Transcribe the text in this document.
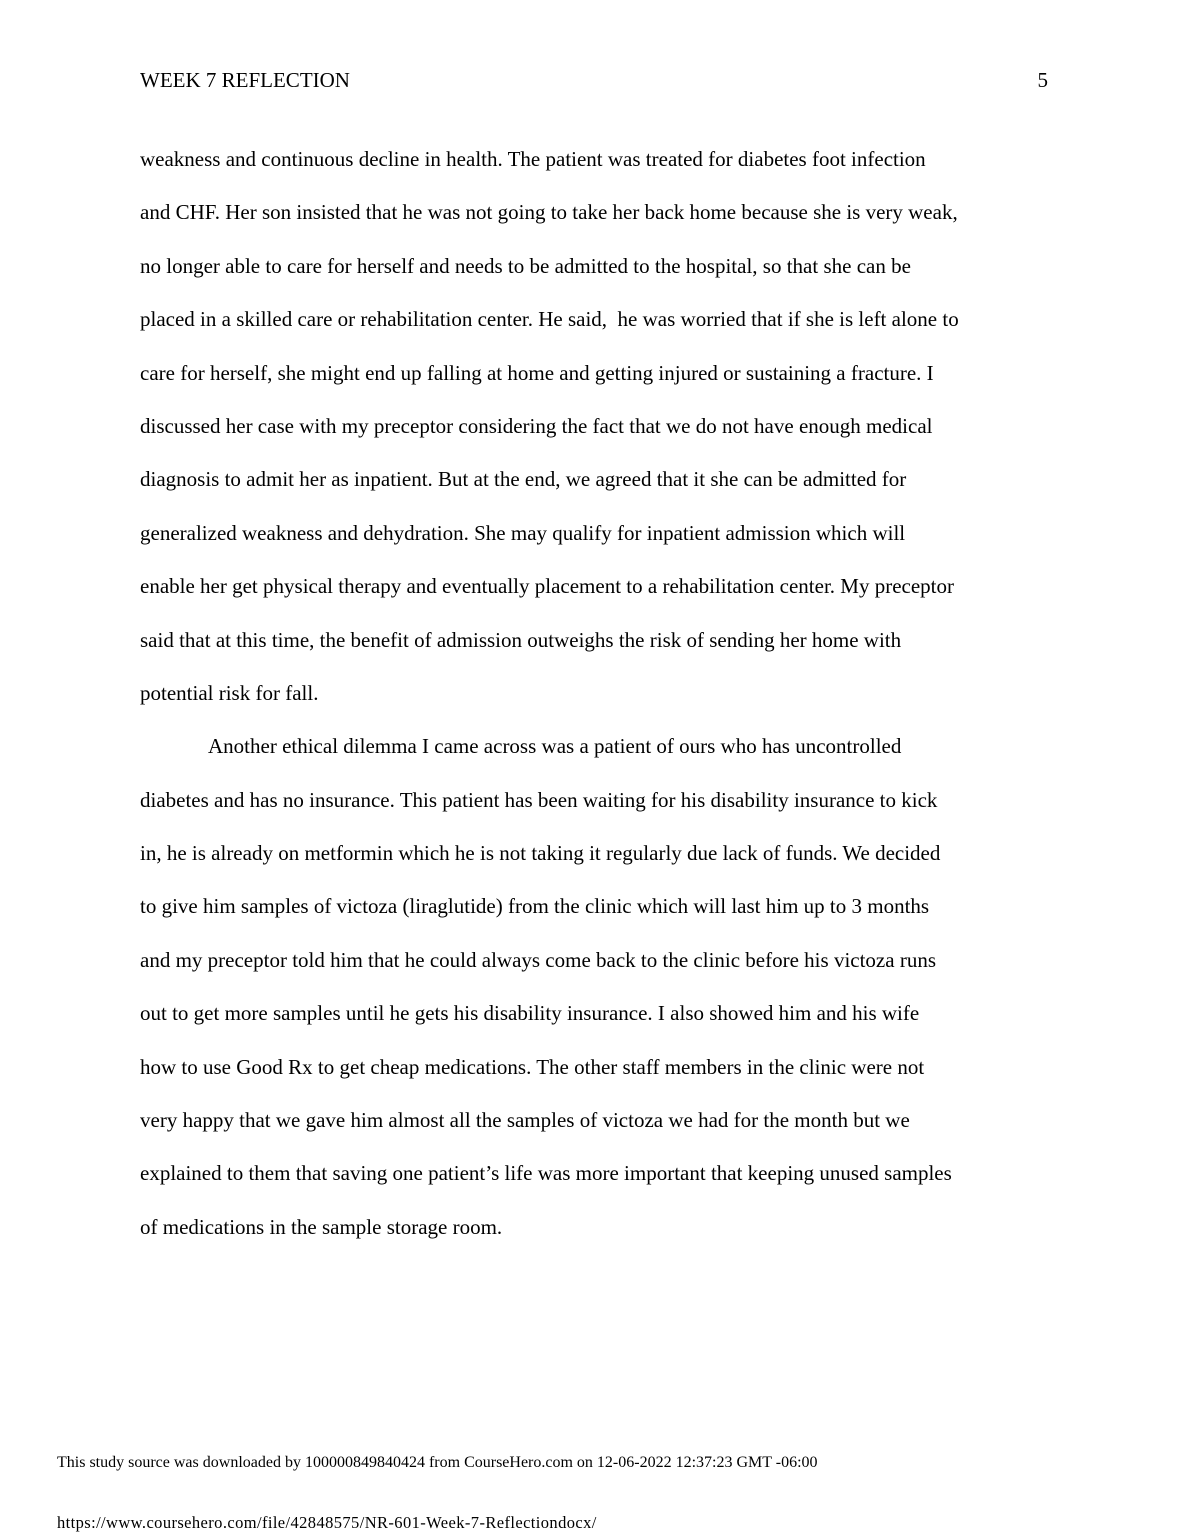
WEEK 7 REFLECTION	5
weakness and continuous decline in health. The patient was treated for diabetes foot infection
and CHF. Her son insisted that he was not going to take her back home because she is very weak,
no longer able to care for herself and needs to be admitted to the hospital, so that she can be
placed in a skilled care or rehabilitation center. He said,  he was worried that if she is left alone to
care for herself, she might end up falling at home and getting injured or sustaining a fracture. I
discussed her case with my preceptor considering the fact that we do not have enough medical
diagnosis to admit her as inpatient. But at the end, we agreed that it she can be admitted for
generalized weakness and dehydration. She may qualify for inpatient admission which will
enable her get physical therapy and eventually placement to a rehabilitation center. My preceptor
said that at this time, the benefit of admission outweighs the risk of sending her home with
potential risk for fall.
Another ethical dilemma I came across was a patient of ours who has uncontrolled
diabetes and has no insurance. This patient has been waiting for his disability insurance to kick
in, he is already on metformin which he is not taking it regularly due lack of funds. We decided
to give him samples of victoza (liraglutide) from the clinic which will last him up to 3 months
and my preceptor told him that he could always come back to the clinic before his victoza runs
out to get more samples until he gets his disability insurance. I also showed him and his wife
how to use Good Rx to get cheap medications. The other staff members in the clinic were not
very happy that we gave him almost all the samples of victoza we had for the month but we
explained to them that saving one patient’s life was more important that keeping unused samples
of medications in the sample storage room.
This study source was downloaded by 100000849840424 from CourseHero.com on 12-06-2022 12:37:23 GMT -06:00
https://www.coursehero.com/file/42848575/NR-601-Week-7-Reflectiondocx/
